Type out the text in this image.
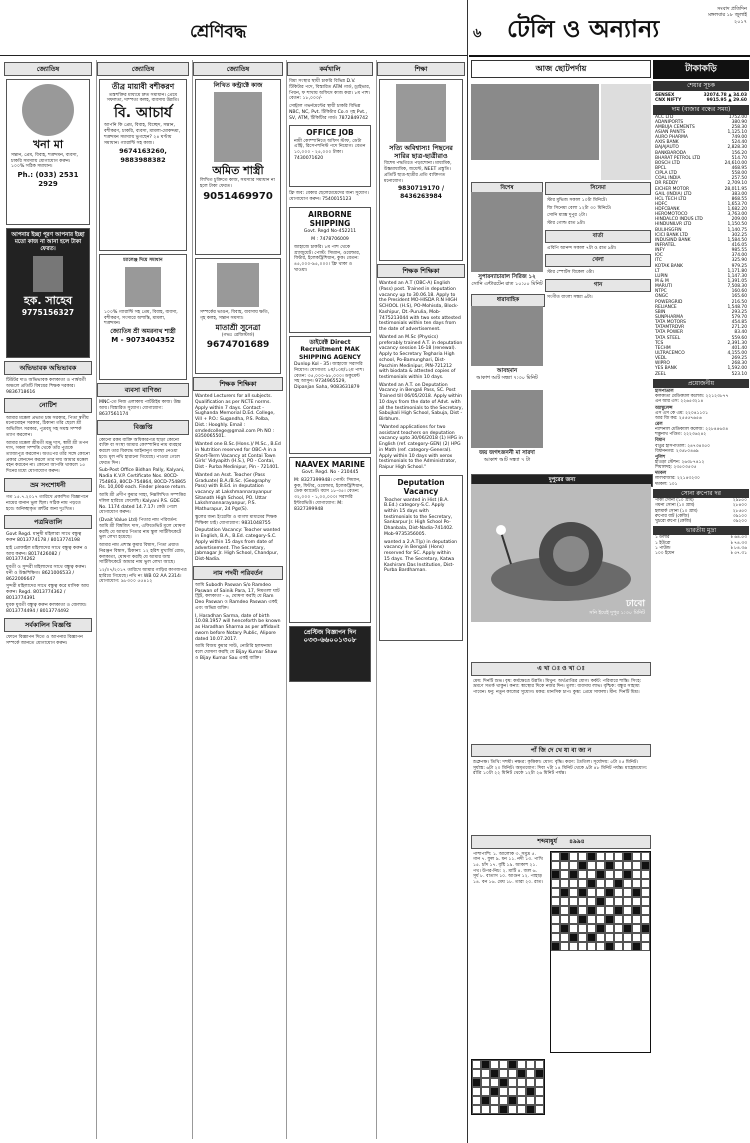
শ্রেণিবদ্ধ
জ্যোতিষ
খনা মা
সন্তান, প্রেম, বিবাহ, শত্রুদমন, ব্যবসা, চাকরি সমস্যায় যোগাযোগ করুন। ১০০% সঠিক সমাধান।
Ph.: (033) 2531 2929
আপনার ইচ্ছা পূরণ আপনার ইচ্ছা মতো কাজ না আনা হলে টাকা ফেরত।
হক. সাহেব
9775156327
অভিভাবক অভিভাবক
টিউটর দাও অভিভাবক কলকাতা ও পার্শ্ববর্তী অঞ্চলে প্রতিটি বিষয়ের শিক্ষক দরকার। 9836718616
নোটিশ
আমার মক্কেল প্রভাত চন্দ্র সরকার, পিতা স্বর্গীয় মনোমোহন সরকার, ঠিকানা তাঁর ছেলে শ্রী অভিজিৎ সরকার, পুত্রবধূ সহ সমস্ত সম্পর্ক ত্যাগ করলেন।
আমার মক্কেল শ্রীমতী মঞ্জু দাস, স্বামী শ্রী তপন দাস, সকল সম্পত্তি থেকে তাঁর পুত্রকে ত্যাজ্যপুত্র করলেন। অতঃপর তাঁর সঙ্গে কোনো প্রকার লেনদেন করলে তার দায় আমার মক্কেল বহন করবেন না। কোনো আপত্তি থাকলে ১৫ দিনের মধ্যে যোগাযোগ করুন।
ভ্রম সংশোধনী
গত ১৫.৭.২০১৭ তারিখে প্রকাশিত বিজ্ঞাপনে নামের বানান ভুল ছিল। সঠিক নাম পড়তে হবে। অনিচ্ছাকৃত ত্রুটির জন্য দুঃখিত।
পত্রমিতালি
Govt Regd. মানুষী মহিলারা সাথে বন্ধুত্ব করুন 8013774178 / 8013774198
হাই প্রোফাইল মহিলাদের সাথে বন্ধুত্ব করুন ও আয় করুন। 8017426082 / 8013774262
যুবতী ও সুন্দরী মহিলাদের সাথে বন্ধুত্ব করুন। ধনী ও উচ্চশিক্ষিত। 8621006533 / 8622006647
সুন্দরী মহিলাদের সাথে বন্ধুত্ব করে মাসিক আয় করুন। Regd. 8013774362 / 8013774391
যুবক যুবতী বন্ধুত্ব করুন কলকাতা ও জেলায়। 8013774494 / 8013774492
সর্বকালিন বিজ্ঞপ্তি
ফোনে বিজ্ঞাপন দিতে ও আপনার বিজ্ঞাপন সম্পর্কে জানতে যোগাযোগ করুন।
জ্যোতিষ
তীব্র মায়াবী বশীকরণ
তন্ত্রশক্তির মাধ্যমে দ্রুত সমাধান। প্রেমে সফলতা, দাম্পত্য কলহ, ব্যবসায় উন্নতি।
বি. আচার্য
আপনি কি প্রেম, বিবাহ, বিচ্ছেদ, সন্তান, বশীকরণ, চাকরি, ব্যবসা, মামলা-মোকদ্দমা, শত্রুদমন সমস্যায় ভুগছেন? ২৪ ঘণ্টায় সমাধান। গ্যারান্টি সহ কাজ।
9674163260, 9883988382
চ্যালেঞ্জ দিয়ে সমাধান
১০০% গ্যারান্টি সহ প্রেম, বিবাহ, ব্যবসা, বশীকরণ, সংসারে অশান্তি, মামলা, শত্রুদমন।
জ্যোতিষ শ্রী অমরনাথ শাস্ত্রী
M - 9073404352
ব্যবসা বাণিজ্য
MNC-তে নিজ এলাকায় পার্টটাইম কাজ। উচ্চ আয়। বিস্তারিত সুযোগ। যোগাযোগ: 8637561174
বিজ্ঞপ্তি
কোনো রকম ব্যক্তি অধিকারপত্র ছাড়া কোনো ব্যক্তি বা সংস্থা আমার কোম্পানির নাম ব্যবহার করলে তার বিরুদ্ধে আইনানুগ ব্যবস্থা নেওয়া হবে। মূল নথি হারানো গিয়েছে। পাওয়া গেলে ফেরত দিন।
Sub-Post Office Bidhan Pally, Kalyani, Nadia K.V.P. Certificate Nos. 80CD-754863, 80CD-754864, 80CD-754865 Rs. 10,000 each. Finder please return.
আমি শ্রী প্রদীপ কুমার সাহা, নিম্নলিখিত সম্পত্তির দলিল হারিয়ে ফেলেছি। Kalyani P.S. GDE No. 1174 dated 14.7.17। কেউ পেলে যোগাযোগ করুন।
(Dvait Value Ltd) পিতার নাম পরিবর্তন: আমি শ্রী বিশ্বজিৎ দাস, এফিডেভিট মূলে ঘোষণা করছি যে আমার পিতার নাম স্কুল সার্টিফিকেটে ভুল লেখা হয়েছে।
আমার নাম প্রশান্ত কুমার বিশ্বাস, পিতা প্রয়াত নিরঞ্জন বিশ্বাস, ঠিকানা: ১২ হরিশ মুখার্জি রোড, কলকাতা, ঘোষণা করছি যে আমার জন্ম সার্টিফিকেটে আমার নাম ভুল লেখা আছে।
১২/০৭/২০১৭ তারিখে আমার গাড়ির কাগজপত্র হারিয়ে গিয়েছে। নথি নং WB 02 AA 2314। যোগাযোগ: ৯৮৩০০ ৫৫৪১২
জ্যোতিষ
লিখিত কন্ট্রাক্টে কাজ
অমিত শাস্ত্রী
লিখিত চুক্তিতে কাজ, সমস্যার সমাধান না হলে টাকা ফেরত।
9051469970
সম্পর্কের ভাঙন, বিবাহ, ব্যবসায় ক্ষতি, গৃহ কলহ, সন্তান সমস্যা।
মাতাশ্রী সুনেত্রা
(গভঃ রেজিস্টার্ড)
9674701689
শিক্ষক শিক্ষিকা
Wanted Lecturers for all subjects. Qualification as per NCTE norms. Apply within 7 days. Contact - Sughanda Memorial D.Ed. College, Vill + P.O.: Sugandha, P.S. Polba, Dist.: Hooghly. Email : smdedcollege@gmail.com Ph NO : 8350065501.
Wanted one B.Sc.(Hons.)/ M.Sc., B.Ed in Nutrition reserved for OBC-A in a Short-Term Vacancy at Contai Town Girls' Vidyapith (H.S.), PO - Contai, Dist - Purba Medinipur, Pin - 721401.
Wanted an Asst. Teacher (Pass Graduate) B.A./B.Sc. (Geography Pass) with B.Ed. in deputation vacancy at Lakshmannarayanpur Sitanath High School, PO. Uttar Lakshmannarayanpur, P.S. Mathurapur, 24 Pgs(S).
স্কুলের জন্য ইংরেজি ও বাংলা মাধ্যমের শিক্ষক শিক্ষিকা চাই। যোগাযোগ: 9831048755
Deputation Vacancy: Teacher wanted in English, B.A., B.Ed. category-S.C. Apply within 15 days from date of advertisement. The Secretary, Jabmagar Jr. High School, Chandpur, Dist-Nadia.
নাম পদবী পরিবর্তন
আমি Subodh Paswan S/o Ramdeo Paswan of Sainik Para, 17, নিমতলা ঘাট স্ট্রিট, কলকাতা - ৬, ঘোষণা করছি যে Ram Deo Paswan ও Ramdeo Paswan একই এবং অভিন্ন ব্যক্তি।
I, Haradhan Sarma, date of birth 10.08.1957 will henceforth be known as Haradhan Sharma as per affidavit sworn before Notary Public, Alipore dated 10.07.2017.
আমি বিজয় কুমার সাউ, নোটারি হলফনামা বলে ঘোষণা করছি যে Bijay Kumar Shaw ও Bijay Kumar Sau একই ব্যক্তি।
কর্মখালি
বিমা সংস্থার স্থায়ী চাকরি বিভিন্ন D.V. টিকিটার পদে, বিস্তারিত ATM গার্ড, ড্রাইভার, পিয়ন, ফ শাখায় অফিসে কাজ করা। ৮ম পাশ। বেতন: ১৮,০০০/-
সেন্ট্রাল গভর্নমেন্টের স্থায়ী চাকরি বিভিন্ন NBC, NC, Pvt. টিকিটার Co.ও গৃহ Pvt., SV, ATM, টিকিটিার গার্ড। 7872849742
OFFICE JOB
নামী কোম্পানিতে অফিস স্টাফ, ডেটা এন্ট্রি, রিসেপশনিস্ট পদে নিয়োগ। বেতন ১০,০০০ - ২৫,০০০ টাকা। 7430071620
ফ্রি জব: বেকার ছেলেমেয়েদের জন্য সুযোগ। যোগাযোগ করুন। 7540015123
AIRBORNE SHIPPING
Govt. Regd No-452211
M : 7478706009
জাহাজে চাকরি। ৮ম পাশ থেকে গ্র্যাজুয়েট। পোস্ট: সিম্যান, ওয়েল্ডার, ফিটার, ইলেকট্রিশিয়ান, কুক। বেতন: ৪৫,০০০-৯৫,০০০। ফ্রি থাকা ও খাওয়া।
ডাইরেক্ট Direct Recruitment MAK SHIPPING AGENCY
Dunlop Kol - 35। জাহাজে সরাসরি নিয়োগ। যোগ্যতা: ৮ম/১০ম/১২ম পাশ। বেতন: ৩৫,০০০-৯৮,০০০। ডকুমেন্ট সহ আসুন। 9734965529, Dipanjan Saha, 9083631879
NAAVEX MARINE
Govt. Regd. No - 210445
M: 8327399948। পোস্ট: সিম্যান, কুক, ফিটার, ওয়েল্ডার, ইলেকট্রিশিয়ান, ডেক ক্যাডেট। বয়স ১৮-৩৫। বেতন: ৩২,০০০ - ১,০০,০০০। সরাসরি ইন্টারভিউ। যোগাযোগ: M: 8327399948
প্রেস্টিজ বিজ্ঞাপন দিন
০৩৩-৬৬০০১৩০৮
শিক্ষা
সত্যি অবিশ্বাস্য! পিছনের সারির ছাত্র-ছাত্রীরাও
বিশেষ পদ্ধতিতে পড়াশোনা। মাধ্যমিক, উচ্চমাধ্যমিক, জয়েন্ট, NEET প্রস্তুতি। প্রতিটি ছাত্র-ছাত্রীর প্রতি ব্যক্তিগত মনোযোগ।
9830719170 / 8436263984
শিক্ষক শিক্ষিকা
Wanted an A.T (OBC-A) English (Pass) post. Trained in deputation vacancy up to 30.06.18. Apply to the President MO-HISDA R.N HIGH SCHOOL (H.S), PO-Mohisda, Block-Kashipur, Dt.-Purulia, Mob-7475213044 with two sets attested testimonials within ten days from the date of advertisement.
Wanted an M.Sc (Physics) preferably trained A.T. in deputation vacancy session 16-18 (renewal). Apply to Secretary Tegharia High school, Po-Bamunghari, Dist-Paschim Medinipur, PIN-721212 with biodata & attested copies of testimonials within 10 days.
Wanted an A.T. on Deputation Vacancy in Bengali Pass, SC. Post Trained till 06/05/2018. Apply within 10 days from the date of Advt. with all the testimonials to the Secretary, Sabujkali High School, Sabuja, Dist - Birbhum.
"Wanted applications for two assistant teachers on deputation vacancy upto 30/06/2018 (1) HPG in English (ref. category-GEN) (2) HPG in Math (ref. category-General). Apply within 10 days with xerox testimonials to the Administrator, Raipur High School."
Deputation Vacancy
Teacher wanted in Hist (B.A. B.Ed.) category-S.C. Apply within 15 days with testimonials to the Secretary, Sankarpur Jr. High School Po-Dhanbala, Dist-Nadia-741402. Mob-9735356005.
wanted a 2.A.T(p) in deputation vacancy in Bengali (Hons) reserved for SC. Apply within 15 days. The Secretary, Katwa Kashiram Das Institution, Dist-Purba Bardhaman.
৬ টেলি ও অন্যান্য
সংবাদ প্রতিদিন
মঙ্গলবার ১৮ জুলাই
২০১৭
আজ ছোটপর্দায়
বিশেষ	সিনেমা
স্টার মুভিজ সকাল ১০টা মিনিটে।
জি সিনেমা বেলা ১২টা ৩০ মিনিটে।
সোনি ম্যাক্স দুপুর ২টা।
স্টার গোল্ড রাত ৯টা।
বার্তা
এবিপি আনন্দ সকাল ৭টা ও রাত ৯টা।
খেলা
স্টার স্পোর্টস বিকেল ৩টা।
গান
সংগীত বাংলা সন্ধ্যা ৬টা।
সুপারন্যাচারাল সিরিজ ১২
সোনি এন্টারটেন রাত ১০:০০ মিনিট
ধারাবাহিক
আবহমান
আকাশ আট সন্ধ্যা ৭:৩০ মিনিট
জয় জগৎজননী মা সারদা
আকাশ আট সন্ধ্যা ৭ টা
দুপুরের জন্য
ঢাবো
সনি ইয়েই দুপুর ১:৩০ মিনিট
এ খা ঃ ও খা ঃ
মেষ: দিনটি শুভ। বৃষ: কর্মক্ষেত্রে উন্নতি। মিথুন: অর্থপ্রাপ্তির যোগ। কর্কট: পরিবারে শান্তি। সিংহ: ভ্রমণে সতর্ক থাকুন। কন্যা: স্বাস্থ্যের দিকে নজর দিন। তুলা: ব্যবসায় লাভ। বৃশ্চিক: বন্ধুর সাহায্য পাবেন। ধনু: নতুন কাজের সুযোগ। মকর: মানসিক চাপ। কুম্ভ: প্রেমে সাফল্য। মীন: দিনটি মিশ্র।
পাঁ জি দে খে যা বা জা ন
শুক্লপক্ষ। তিথি: দশমী। নক্ষত্র: কৃত্তিকা। যোগ: বৃদ্ধি। করণ: তৈতিল। সূর্যোদয়: ৫টা ০৫ মিনিট। সূর্যাস্ত: ৬টা ২০ মিনিট। অমৃতযোগ: দিবা ৭টা ১৪ মিনিট থেকে ৯টা ৪৮ মিনিট পর্যন্ত। মাহেন্দ্রযোগ: রাত্রি ১০টা ২২ মিনিট থেকে ১২টা ২৬ মিনিট পর্যন্ত।
শব্দমাধুর্য ৪৯৯৪
পাশাপাশি: ১. আলোক ৩. সমুদ্র ৫. গান ৭. ফুল ৯. ধন ১১. নদী ১৩. পাখি ১৫. চাঁদ ১৭. বৃষ্টি ১৯. আকাশ ২১. পথ। উপর-নিচ: ২. মাটি ৪. জল ৬. সূর্য ৮. বাতাস ১০. আগুন ১২. পাহাড় ১৪. বন ১৬. মেঘ ১৮. তারা ২০. রাত।
টাকাকড়ি
শেয়ার সূচক
SENSEX	32074.78 ▲ 34.03
CNX NIFTY	9915.95 ▲ 29.60
দাম (বাজার বন্ধের সময়)
ACC LTD	1752.00
ADANIPORTS	380.90
AMBUJA CEMENTS	258.30
ASIAN PAINTS	1,125.10
AURO PHARMA	749.00
AXIS BANK	524.40
BAJAJAUTO	2,828.30
BANKBARODA	156.20
BHARAT PETROL LTD	514.70
BOSCH LTD	24,610.00
BPCL	468.95
CIPLA LTD	558.00
COAL INDIA	257.50
DR REDDY	2,709.10
EICHER MOTOR	28,011.95
GAIL (INDIA) LTD	383.00
HCL TECH LTD	868.55
HDFC	1,653.70
HDFCBANK	1,682.20
HEROMOTOCO	3,763.00
HINDALCO INDUS LTD	209.00
HINDUNILVR LTD	1,150.50
BULIHSGFIN	1,140.75
ICICI BANK LTD	302.25
INDUSIND BANK	1,584.50
INFRATEL	416.05
INFY	985.55
IOC	374.00
ITC	325.90
KOTAK BANK	979.25
LT	1,171.80
LUPIN	1,147.30
M & M	1,391.05
MARUTI	7,508.30
NTPC	160.60
ONGC	165.60
POWERGRID	216.50
RELIANCE	1,548.70
SBIN	293.25
SUNPHARMA	579.70
TATA MOTORS	454.85
TATAMTRDVR	271.20
TATA POWER	83.40
TATA STEEL	559.60
TCS	2,391.30
TECHM	401.40
ULTRACEMCO	4,155.00
VEDL	269.25
WIPRO	268.30
YES BANK	1,592.00
ZEEL	523.10
প্রয়োজনীয়
হাসপাতাল
কলকাতা মেডিক্যাল কলেজ: ২২১২৩৮৭৭
এন আর এস: ২২৬৫৩২১৪
অ্যাম্বুলেন্স
এস এস কে এম: ২২০৪১১০১
আর জি কর: ২৫৫৫৭৬৫৬
রেল
ন্যাশনাল মেডিক্যাল কলেজ: ২২৮৪৪৬০৪
শম্ভুনাথ পণ্ডিত: ২২২৩৬২৪২
বিমান
বাঙুর হাসপাতাল: ২৪৭৩৪০৫০
বিধাননগর: ২৩৫৮০৪৬৯
পুলিশ
হাওড়া স্টেশন: ২৬৩৮৭৪১২
শিয়ালদহ: ২৩৫০৩৫৩৫
দমকল
লালবাজার: ২২১৪৩২৩০
দমকল: ১০১
সোনা রুপোর দর
পাকা সোনা (১০ গ্রাম)	২৯৮৫০
গয়না সোনা (১০ গ্রাম)	২৮৪০০
হলমার্ক সোনা (১০ গ্রাম)	২৮৫৫০
রুপোর বাট (কেজি)	৩৯১০০
খুচরো রুপো (কেজি)	৩৯২০০
ভারতীয় মুদ্রা
১ ডলার	৳ ৬৪.৫৩
১ ইউরো	৳ ৭৪.৩৩
১ পাউন্ড	৳ ৮৪.৩৬
১০০ ইয়েন	৳ ৫৭.৩১
